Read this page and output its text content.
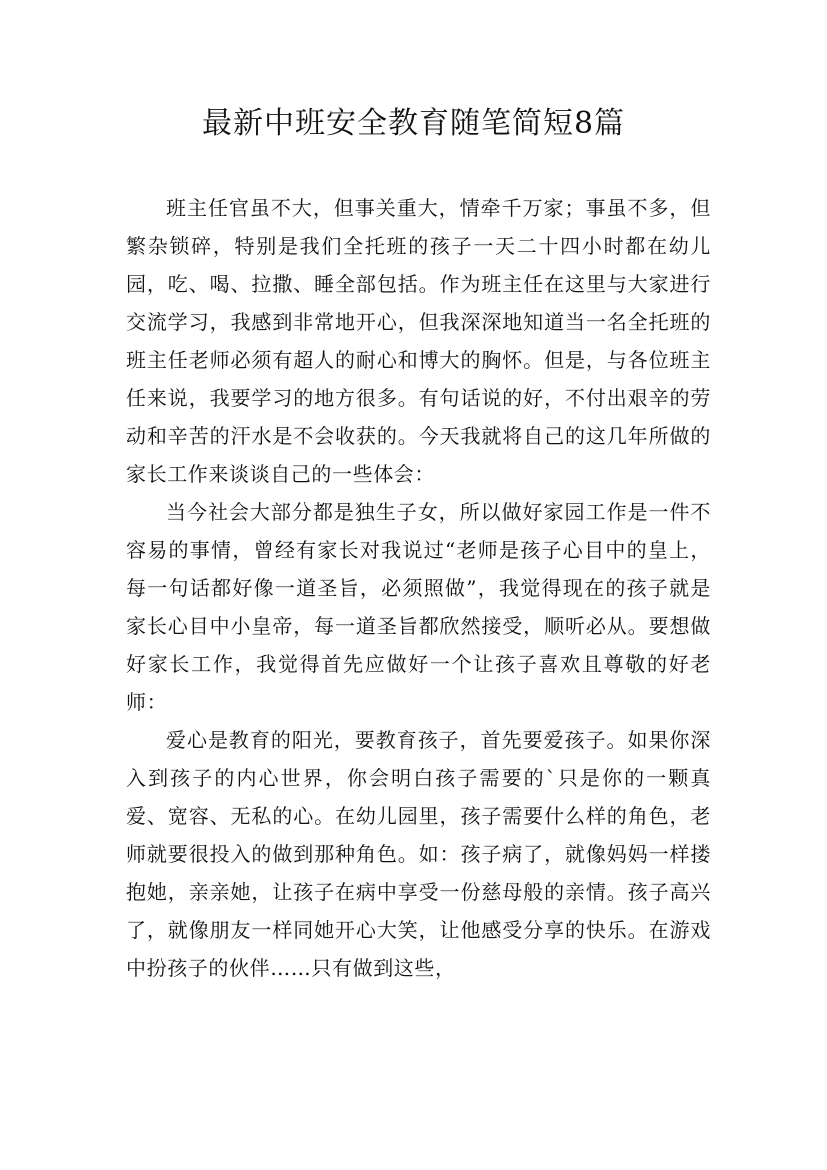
最新中班安全教育随笔简短8篇

班主任官虽不大，但事关重大，情牵千万家；事虽不多，但繁杂锁碎，特别是我们全托班的孩子一天二十四小时都在幼儿园，吃、喝、拉撒、睡全部包括。作为班主任在这里与大家进行交流学习，我感到非常地开心，但我深深地知道当一名全托班的班主任老师必须有超人的耐心和博大的胸怀。但是，与各位班主任来说，我要学习的地方很多。有句话说的好，不付出艰辛的劳动和辛苦的汗水是不会收获的。今天我就将自己的这几年所做的家长工作来谈谈自己的一些体会：

当今社会大部分都是独生子女，所以做好家园工作是一件不容易的事情，曾经有家长对我说过“老师是孩子心目中的皇上，每一句话都好像一道圣旨，必须照做”，我觉得现在的孩子就是家长心目中小皇帝，每一道圣旨都欣然接受，顺听必从。要想做好家长工作，我觉得首先应做好一个让孩子喜欢且尊敬的好老师：

爱心是教育的阳光，要教育孩子，首先要爱孩子。如果你深入到孩子的内心世界，你会明白孩子需要的`只是你的一颗真爱、宽容、无私的心。在幼儿园里，孩子需要什么样的角色，老师就要很投入的做到那种角色。如：孩子病了，就像妈妈一样搂抱她，亲亲她，让孩子在病中享受一份慈母般的亲情。孩子高兴了，就像朋友一样同她开心大笑，让他感受分享的快乐。在游戏中扮孩子的伙伴……只有做到这些，
